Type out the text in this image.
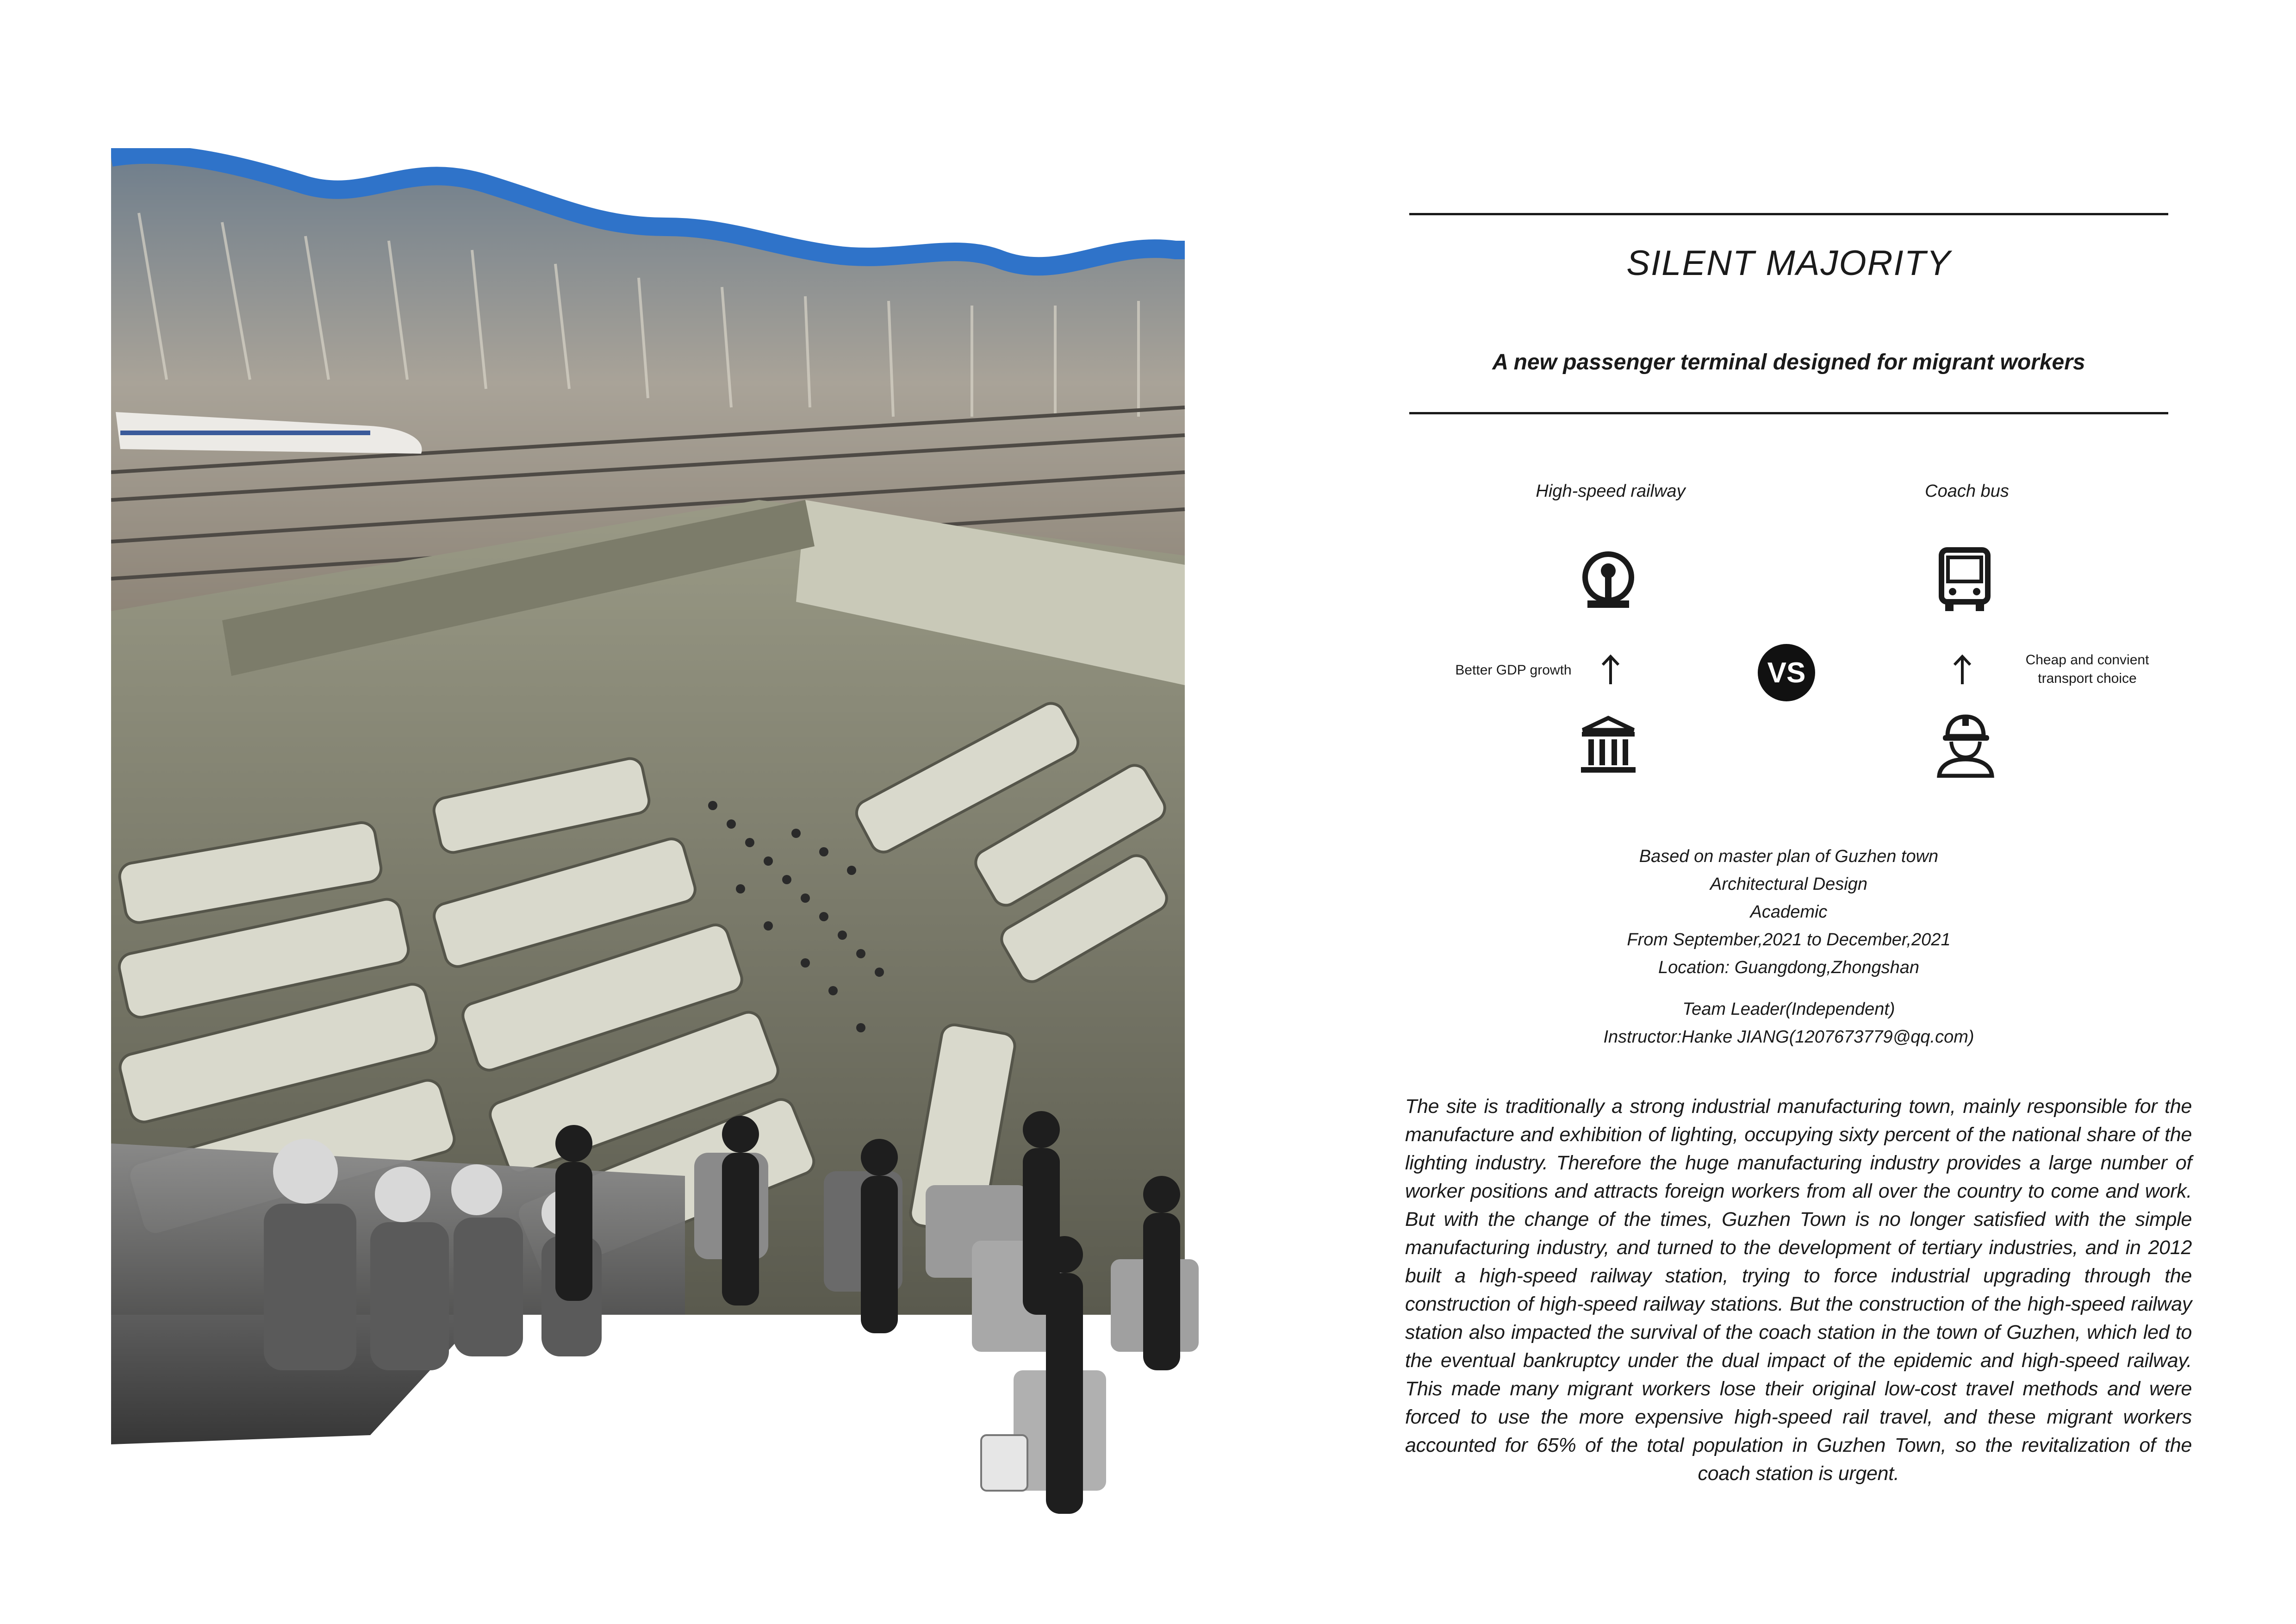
SILENT MAJORITY
A new passenger terminal designed for migrant workers
High-speed railway	Coach bus
Better GDP growth	VS	Cheap and convient
transport choice
Based on master plan of Guzhen town
Architectural Design
Academic
From September,2021 to December,2021
Location: Guangdong,Zhongshan
Team Leader(Independent)
Instructor:Hanke JIANG(1207673779@qq.com)
The site is traditionally a strong industrial manufacturing town, mainly responsible for the manufacture and exhibition of lighting, occupying sixty percent of the national share of the lighting industry. Therefore the huge manufacturing industry provides a large number of worker positions and attracts foreign workers from all over the country to come and work. But with the change of the times, Guzhen Town is no longer satisfied with the simple manufacturing industry, and turned to the development of tertiary industries, and in 2012 built a high-speed railway station, trying to force industrial upgrading through the construction of high-speed railway stations. But the construction of the high-speed railway station also impacted the survival of the coach station in the town of Guzhen, which led to the eventual bankruptcy under the dual impact of the epidemic and high-speed railway. This made many migrant workers lose their original low-cost travel methods and were forced to use the more expensive high-speed rail travel, and these migrant workers accounted for 65% of the total population in Guzhen Town, so the revitalization of the coach station is urgent.
